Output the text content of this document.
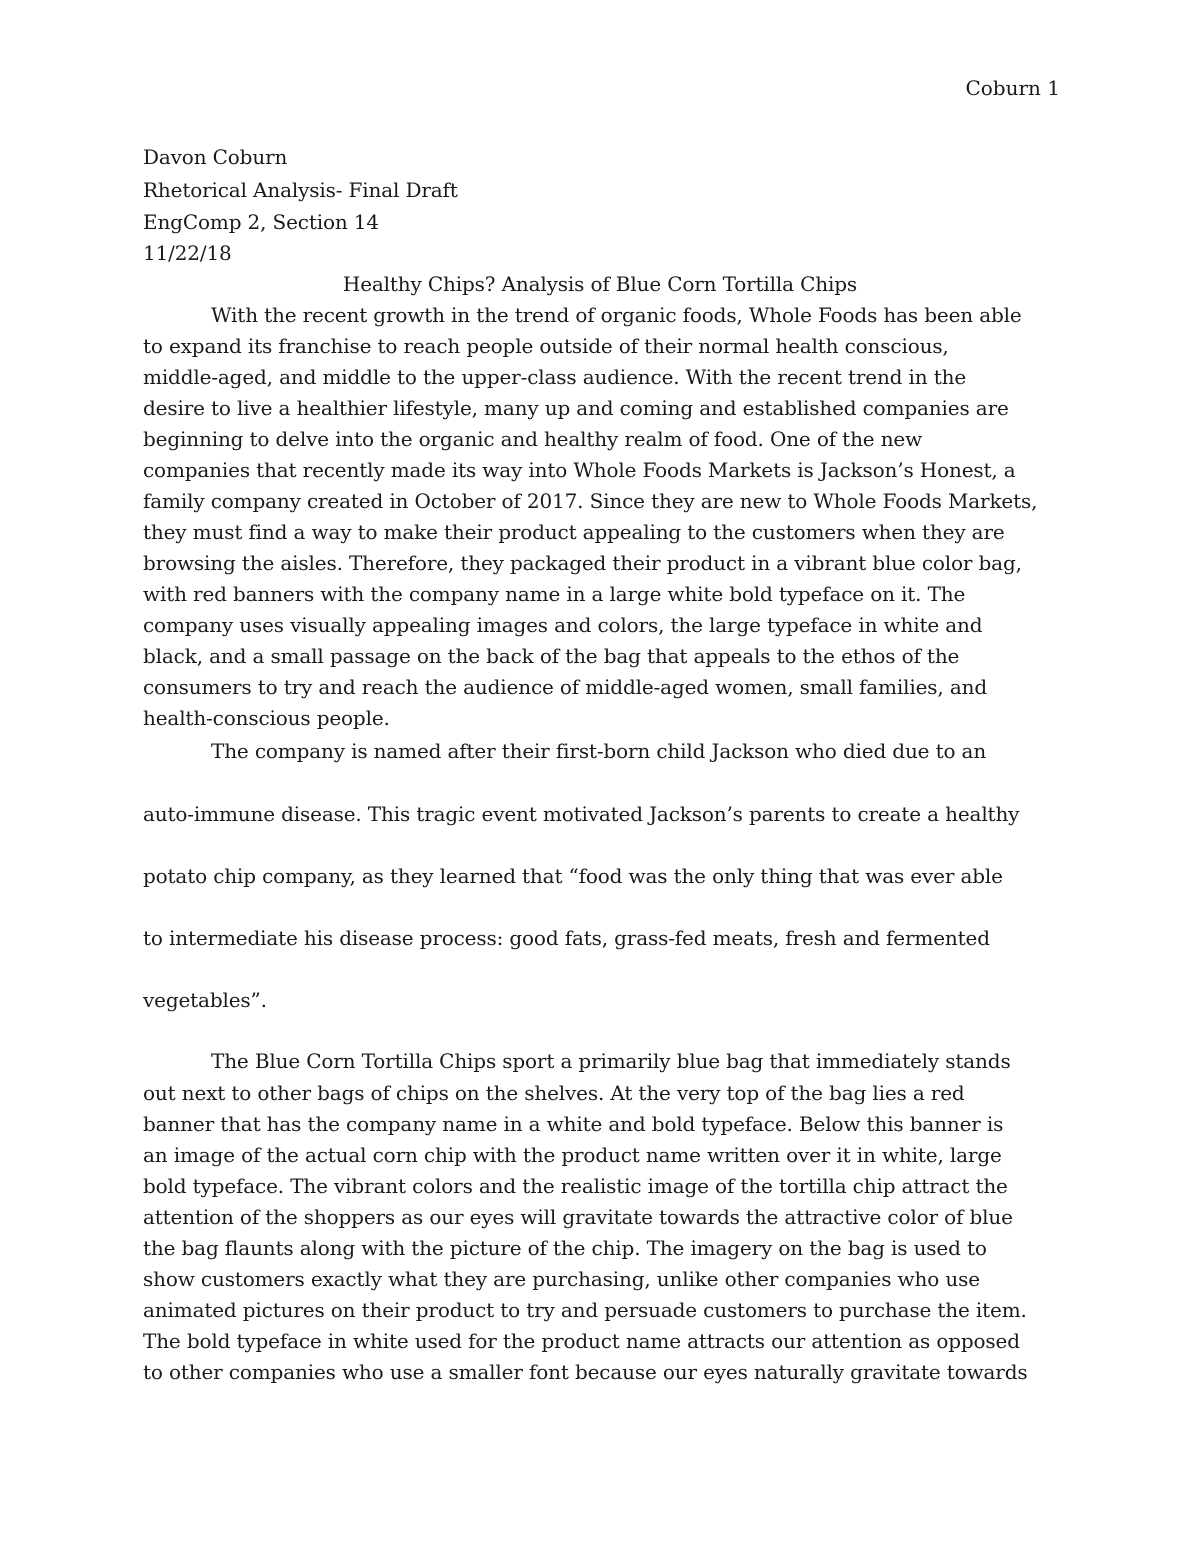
Coburn 1
Davon Coburn
Rhetorical Analysis- Final Draft
EngComp 2, Section 14
11/22/18
Healthy Chips? Analysis of Blue Corn Tortilla Chips
With the recent growth in the trend of organic foods, Whole Foods has been able
to expand its franchise to reach people outside of their normal health conscious,
middle-aged, and middle to the upper-class audience. With the recent trend in the
desire to live a healthier lifestyle, many up and coming and established companies are
beginning to delve into the organic and healthy realm of food. One of the new
companies that recently made its way into Whole Foods Markets is Jackson’s Honest, a
family company created in October of 2017. Since they are new to Whole Foods Markets,
they must find a way to make their product appealing to the customers when they are
browsing the aisles. Therefore, they packaged their product in a vibrant blue color bag,
with red banners with the company name in a large white bold typeface on it. The
company uses visually appealing images and colors, the large typeface in white and
black, and a small passage on the back of the bag that appeals to the ethos of the
consumers to try and reach the audience of middle-aged women, small families, and
health-conscious people.
The company is named after their first-born child Jackson who died due to an
auto-immune disease. This tragic event motivated Jackson’s parents to create a healthy
potato chip company, as they learned that “food was the only thing that was ever able
to intermediate his disease process: good fats, grass-fed meats, fresh and fermented
vegetables”.
The Blue Corn Tortilla Chips sport a primarily blue bag that immediately stands
out next to other bags of chips on the shelves. At the very top of the bag lies a red
banner that has the company name in a white and bold typeface. Below this banner is
an image of the actual corn chip with the product name written over it in white, large
bold typeface. The vibrant colors and the realistic image of the tortilla chip attract the
attention of the shoppers as our eyes will gravitate towards the attractive color of blue
the bag flaunts along with the picture of the chip. The imagery on the bag is used to
show customers exactly what they are purchasing, unlike other companies who use
animated pictures on their product to try and persuade customers to purchase the item.
The bold typeface in white used for the product name attracts our attention as opposed
to other companies who use a smaller font because our eyes naturally gravitate towards
